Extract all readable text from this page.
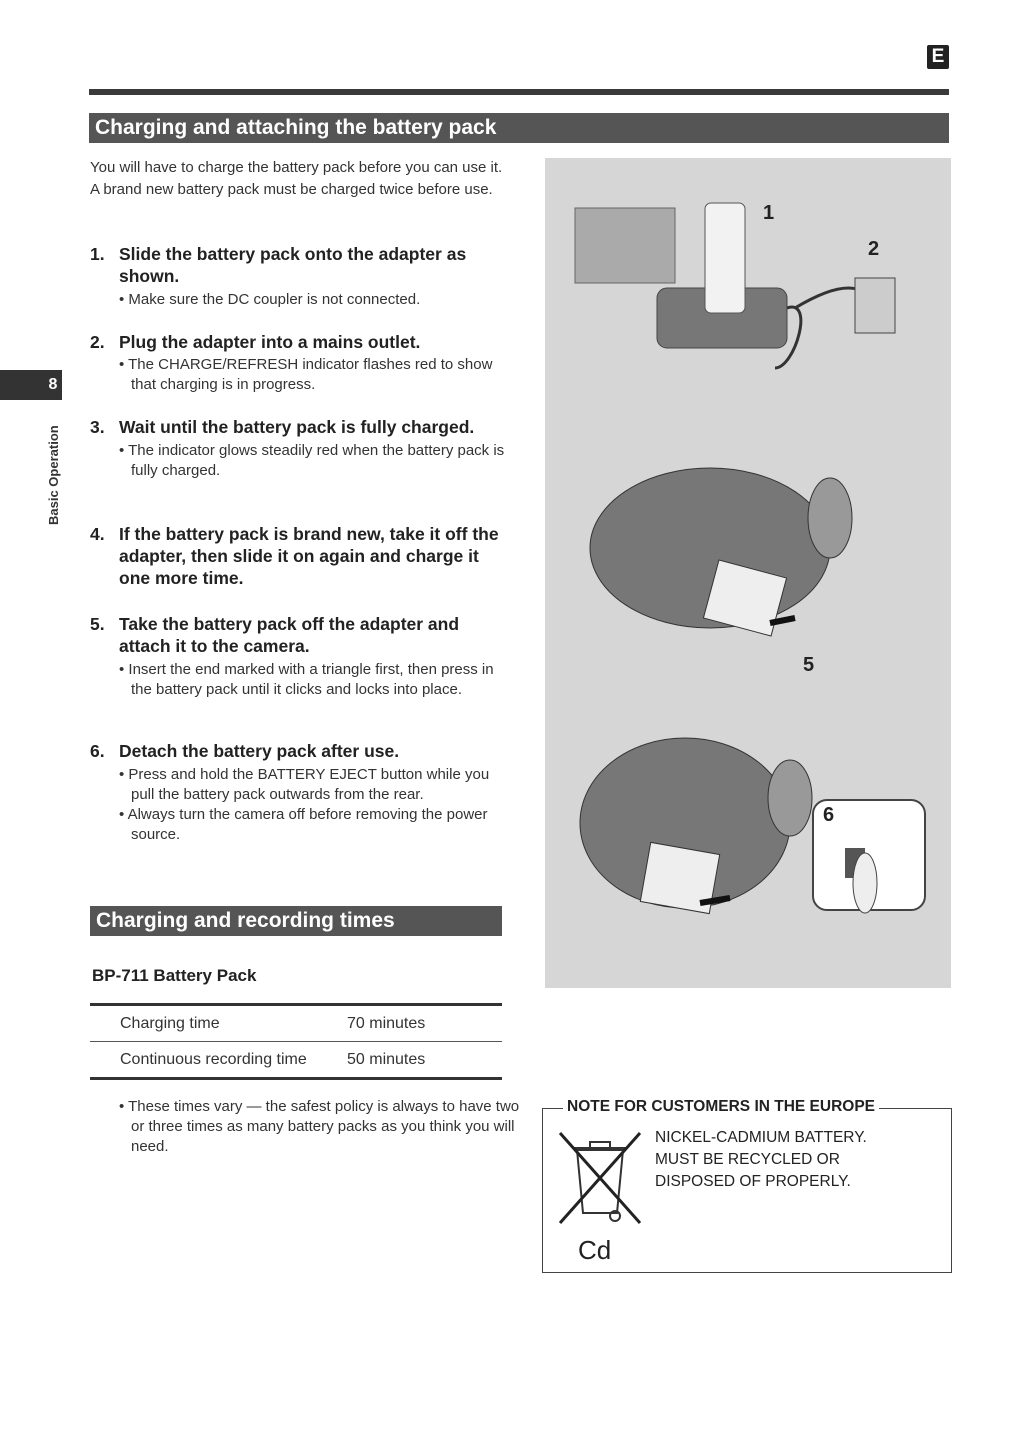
E
8
Basic Operation
Charging and attaching the battery pack
You will have to charge the battery pack before you can use it. A brand new battery pack must be charged twice before use.
1. Slide the battery pack onto the adapter as shown.
• Make sure the DC coupler is not connected.
2. Plug the adapter into a mains outlet.
• The CHARGE/REFRESH indicator flashes red to show that charging is in progress.
3. Wait until the battery pack is fully charged.
• The indicator glows steadily red when the battery pack is fully charged.
4. If the battery pack is brand new, take it off the adapter, then slide it on again and charge it one more time.
5. Take the battery pack off the adapter and attach it to the camera.
• Insert the end marked with a triangle first, then press in the battery pack until it clicks and locks into place.
6. Detach the battery pack after use.
• Press and hold the BATTERY EJECT button while you pull the battery pack outwards from the rear.
• Always turn the camera off before removing the power source.
1
2
5
6
Charging and recording times
BP-711 Battery Pack
Charging time	70 minutes
Continuous recording time	50 minutes
• These times vary — the safest policy is always to have two or three times as many battery packs as you think you will need.
NOTE FOR CUSTOMERS IN THE EUROPE
NICKEL-CADMIUM BATTERY.
MUST BE RECYCLED OR
DISPOSED OF PROPERLY.
Cd
